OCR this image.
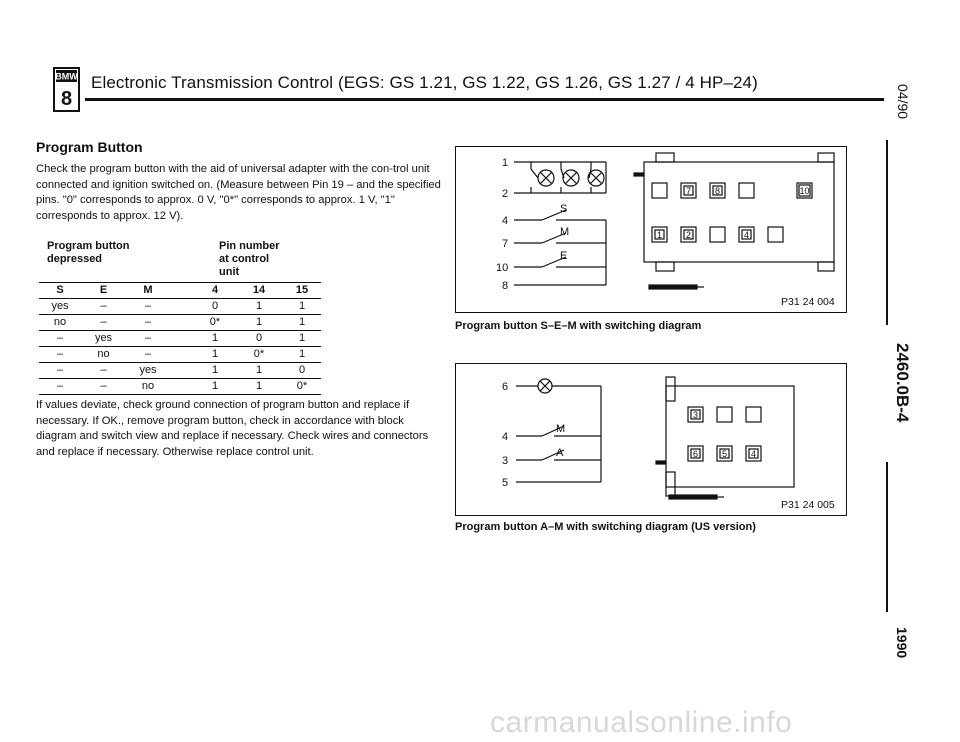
BMW
8
Electronic Transmission Control (EGS: GS 1.21, GS 1.22, GS 1.26, GS 1.27 / 4 HP–24)
04/90
2460.0B-4
1990
Program Button
Check the program button with the aid of universal adapter with the con-trol unit connected and ignition switched on. (Measure between Pin 19 – and the specified pins. "0" corresponds to approx. 0 V, "0*" corresponds to approx. 1 V, "1" corresponds to approx. 12 V).
Program button
depressed
Pin number
at control
unit
S	E	M		4	14	15
yes	–	–		0	1	1
no	–	–		0*	1	1
–	yes	–		1	0	1
–	no	–		1	0*	1
–	–	yes		1	1	0
–	–	no		1	1	0*
If values deviate, check ground connection of program button and replace if necessary. If OK., remove program button, check in accordance with block diagram and switch view and replace if necessary. Check wires and connectors and replace if necessary. Otherwise replace control unit.
1
2
4
7
10
8
S
M
E
7	8	10
1	2	4
P31 24 004
Program button S–E–M with switching diagram
6
4
3
5
M
A
3
6	5	4
P31 24 005
Program button A–M with switching diagram (US version)
carmanualsonline.info
